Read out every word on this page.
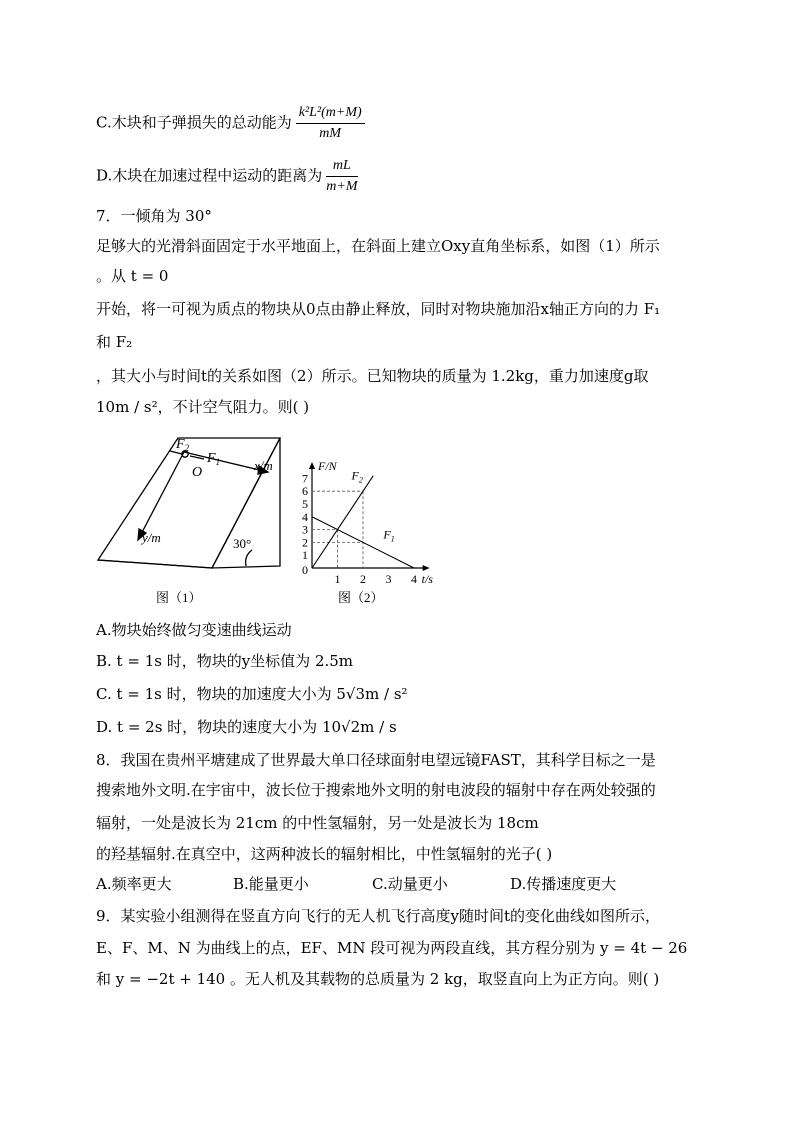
C.木块和子弹损失的总动能为 $\frac{\text{k²L²(m+M)}}{mM}$
D.木块在加速过程中运动的距离为 $\frac{mL}{m+M}$
7．一倾角为 30°
足够大的光滑斜面固定于水平地面上，在斜面上建立Oxy直角坐标系，如图（1）所示
。从 t = 0
开始，将一可视为质点的物块从0点由静止释放，同时对物块施加沿x轴正方向的力 F₁
和 F₂
，其大小与时间t的关系如图（2）所示。已知物块的质量为 1.2kg，重力加速度g取
10m / s²，不计空气阻力。则( )
$F_2$
$F_1$
O	x/m
y/m	30°
图（1）
0
1
2
3
4
5
6
7
1 2 3 4
F/N
t/s
$F_2$
$F_1$
图（2）
A.物块始终做匀变速曲线运动
B. t = 1s 时，物块的y坐标值为 2.5m
C. t = 1s 时，物块的加速度大小为 5√3m / s²
D. t = 2s 时，物块的速度大小为 10√2m / s
8．我国在贵州平塘建成了世界最大单口径球面射电望远镜FAST，其科学目标之一是
搜索地外文明.在宇宙中，波长位于搜索地外文明的射电波段的辐射中存在两处较强的
辐射，一处是波长为 21cm 的中性氢辐射，另一处是波长为 18cm
的羟基辐射.在真空中，这两种波长的辐射相比，中性氢辐射的光子( )
A.频率更大	B.能量更小	C.动量更小	D.传播速度更大
9．某实验小组测得在竖直方向飞行的无人机飞行高度y随时间t的变化曲线如图所示，
E、F、M、N 为曲线上的点，EF、MN 段可视为两段直线，其方程分别为 y = 4t − 26
和 y = −2t + 140 。无人机及其载物的总质量为 2 kg，取竖直向上为正方向。则( )
